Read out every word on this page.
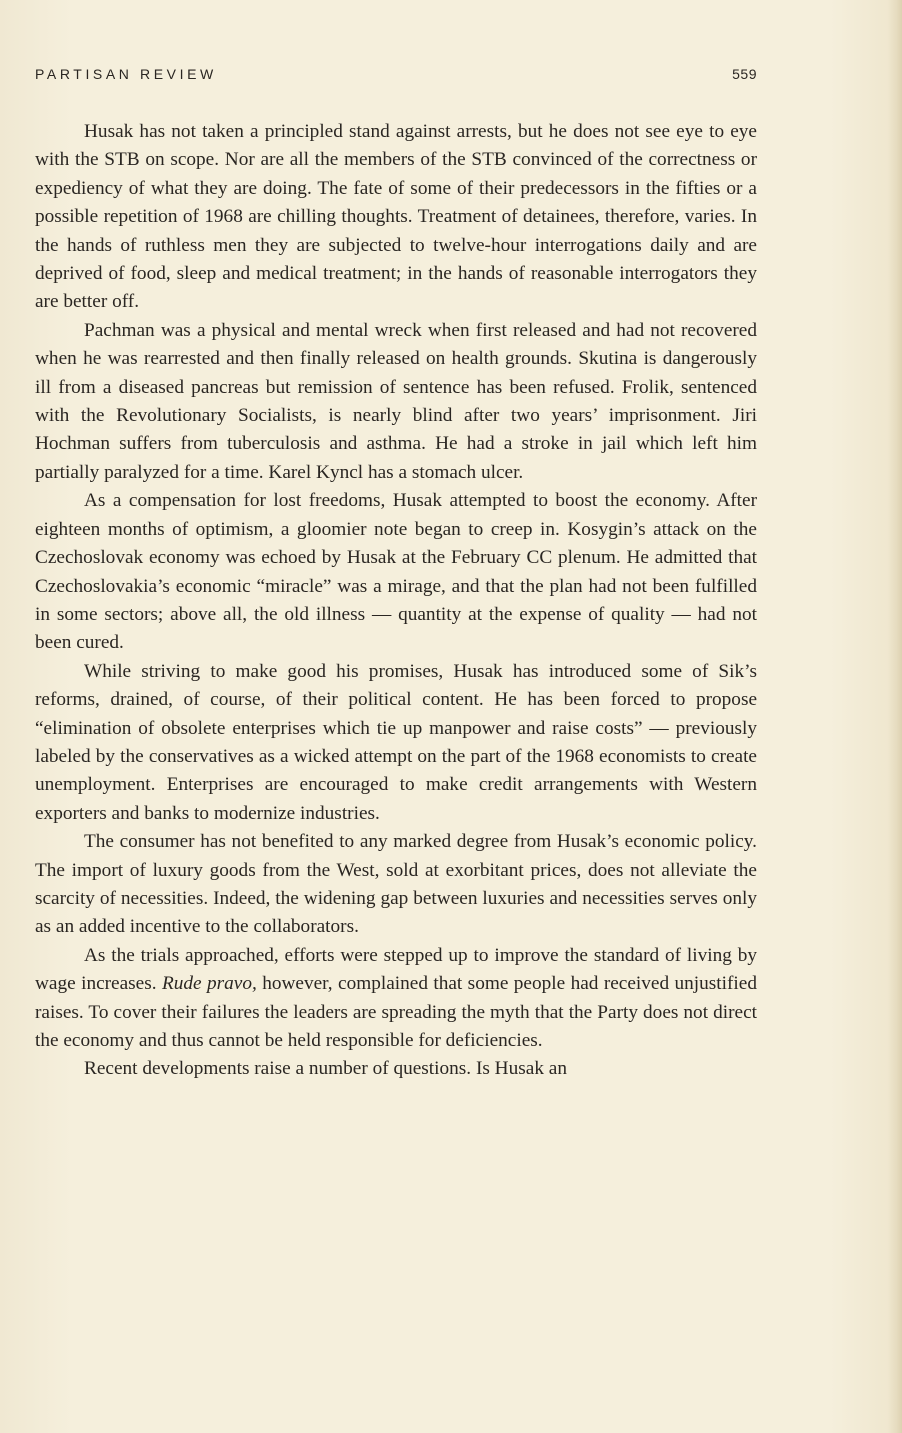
PARTISAN REVIEW	559

Husak has not taken a principled stand against arrests, but he does not see eye to eye with the STB on scope. Nor are all the members of the STB convinced of the correctness or expediency of what they are doing. The fate of some of their predecessors in the fifties or a possible repetition of 1968 are chilling thoughts. Treatment of detainees, therefore, varies. In the hands of ruthless men they are subjected to twelve-hour interrogations daily and are deprived of food, sleep and medical treatment; in the hands of reasonable interrogators they are better off.

Pachman was a physical and mental wreck when first released and had not recovered when he was rearrested and then finally released on health grounds. Skutina is dangerously ill from a diseased pancreas but remission of sentence has been refused. Frolik, sentenced with the Revolutionary Socialists, is nearly blind after two years’ imprisonment. Jiri Hochman suffers from tuberculosis and asthma. He had a stroke in jail which left him partially paralyzed for a time. Karel Kyncl has a stomach ulcer.

As a compensation for lost freedoms, Husak attempted to boost the economy. After eighteen months of optimism, a gloomier note began to creep in. Kosygin’s attack on the Czechoslovak economy was echoed by Husak at the February CC plenum. He admitted that Czechoslovakia’s economic “miracle” was a mirage, and that the plan had not been fulfilled in some sectors; above all, the old illness — quantity at the expense of quality — had not been cured.

While striving to make good his promises, Husak has introduced some of Sik’s reforms, drained, of course, of their political content. He has been forced to propose “elimination of obsolete enterprises which tie up manpower and raise costs” — previously labeled by the conservatives as a wicked attempt on the part of the 1968 economists to create unemployment. Enterprises are encouraged to make credit arrangements with Western exporters and banks to modernize industries.

The consumer has not benefited to any marked degree from Husak’s economic policy. The import of luxury goods from the West, sold at exorbitant prices, does not alleviate the scarcity of necessities. Indeed, the widening gap between luxuries and necessities serves only as an added incentive to the collaborators.

As the trials approached, efforts were stepped up to improve the standard of living by wage increases. Rude pravo, however, complained that some people had received unjustified raises. To cover their failures the leaders are spreading the myth that the Party does not direct the economy and thus cannot be held responsible for deficiencies.

Recent developments raise a number of questions. Is Husak an
